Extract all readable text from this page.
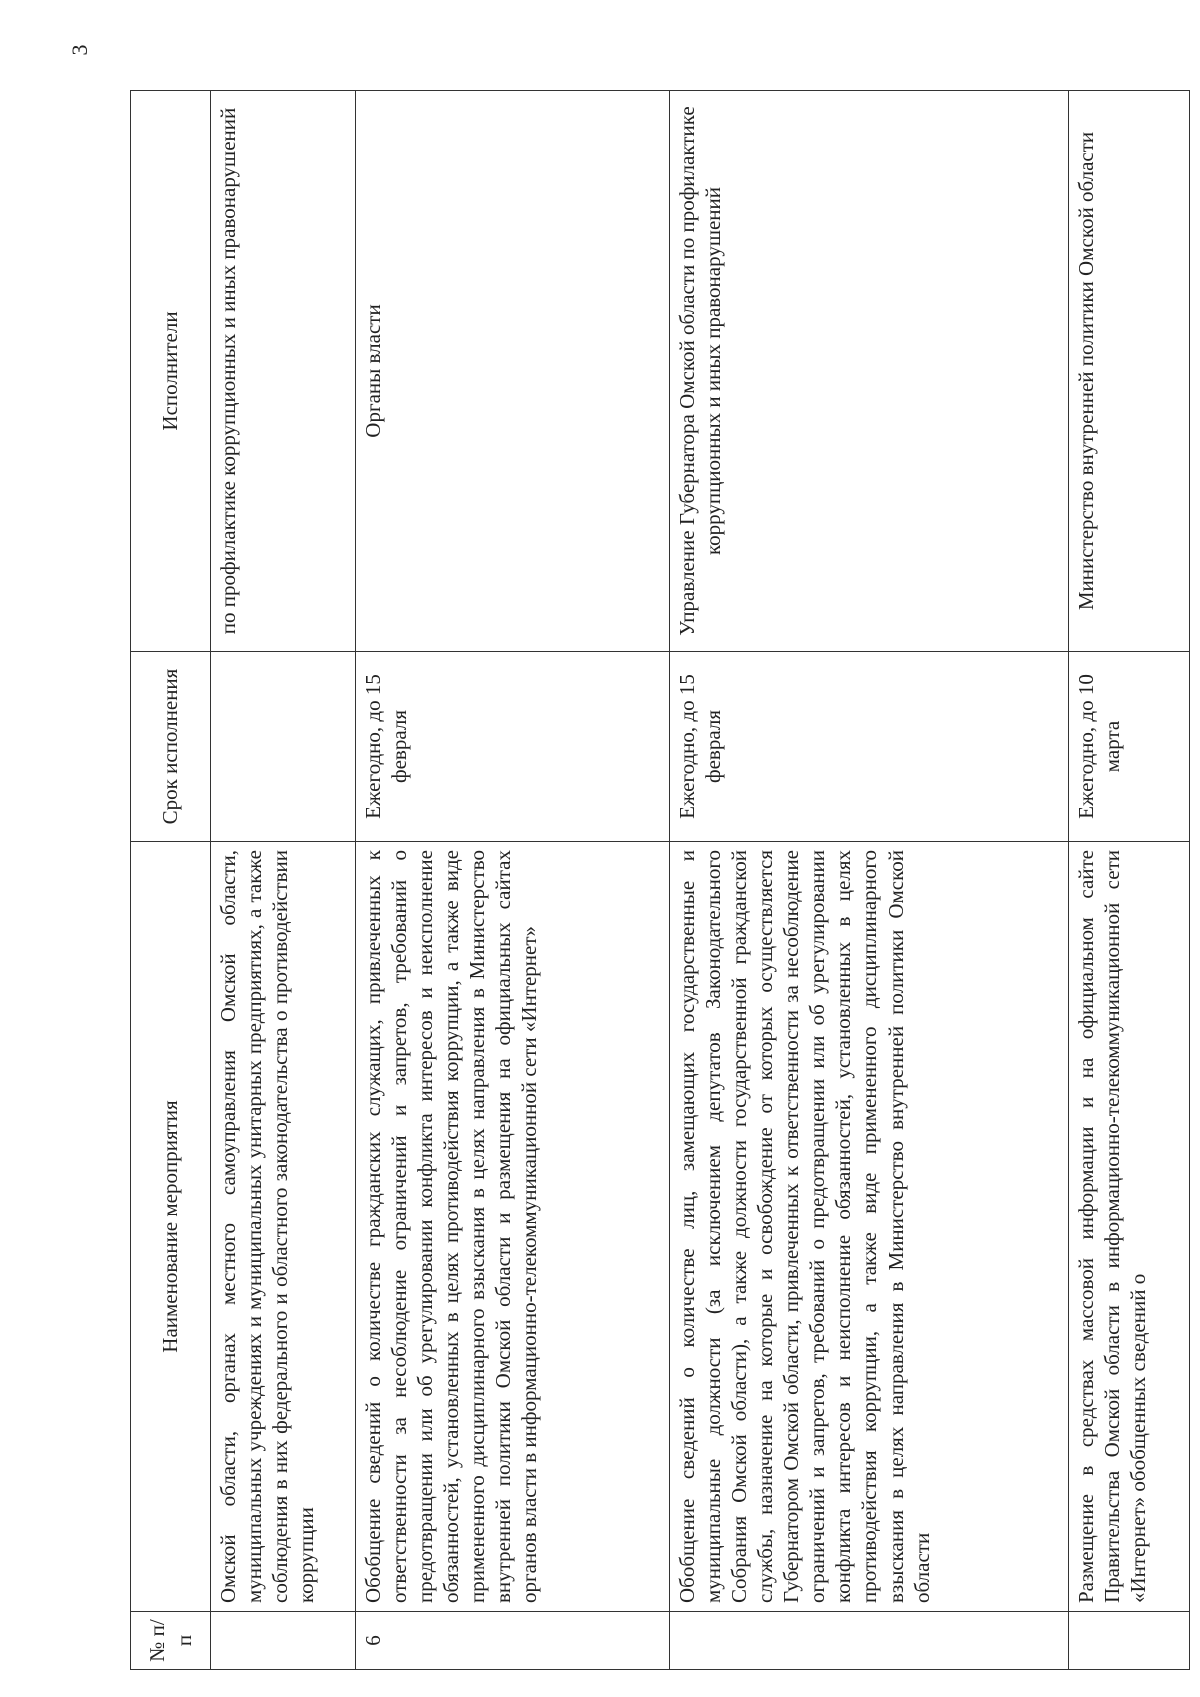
3
№ п/п	Наименование мероприятия	Срок исполнения	Исполнители
	Омской области, органах местного самоуправления Омской области, муниципальных учреждениях и муниципальных унитарных предприятиях, а также соблюдения в них федерального и областного законодательства о противодействии коррупции		по профилактике коррупционных и иных правонарушений
6	Обобщение сведений о количестве гражданских служащих, привлеченных к ответственности за несоблюдение ограничений и запретов, требований о предотвращении или об урегулировании конфликта интересов и неисполнение обязанностей, установленных в целях противодействия коррупции, а также виде примененного дисциплинарного взыскания в целях направления в Министерство внутренней политики Омской области и размещения на официальных сайтах органов власти в информационно-телекоммуникационной сети «Интернет»	Ежегодно, до 15 февраля	Органы власти
	Обобщение сведений о количестве лиц, замещающих государственные и муниципальные должности (за исключением депутатов Законодательного Собрания Омской области), а также должности государственной гражданской службы, назначение на которые и освобождение от которых осуществляется Губернатором Омской области, привлеченных к ответственности за несоблюдение ограничений и запретов, требований о предотвращении или об урегулировании конфликта интересов и неисполнение обязанностей, установленных в целях противодействия коррупции, а также виде примененного дисциплинарного взыскания в целях направления в Министерство внутренней политики Омской области	Ежегодно, до 15 февраля	Управление Губернатора Омской области по профилактике коррупционных и иных правонарушений
	Размещение в средствах массовой информации и на официальном сайте Правительства Омской области в информационно-телекоммуникационной сети «Интернет» обобщенных сведений о	Ежегодно, до 10 марта	Министерство внутренней политики Омской области
